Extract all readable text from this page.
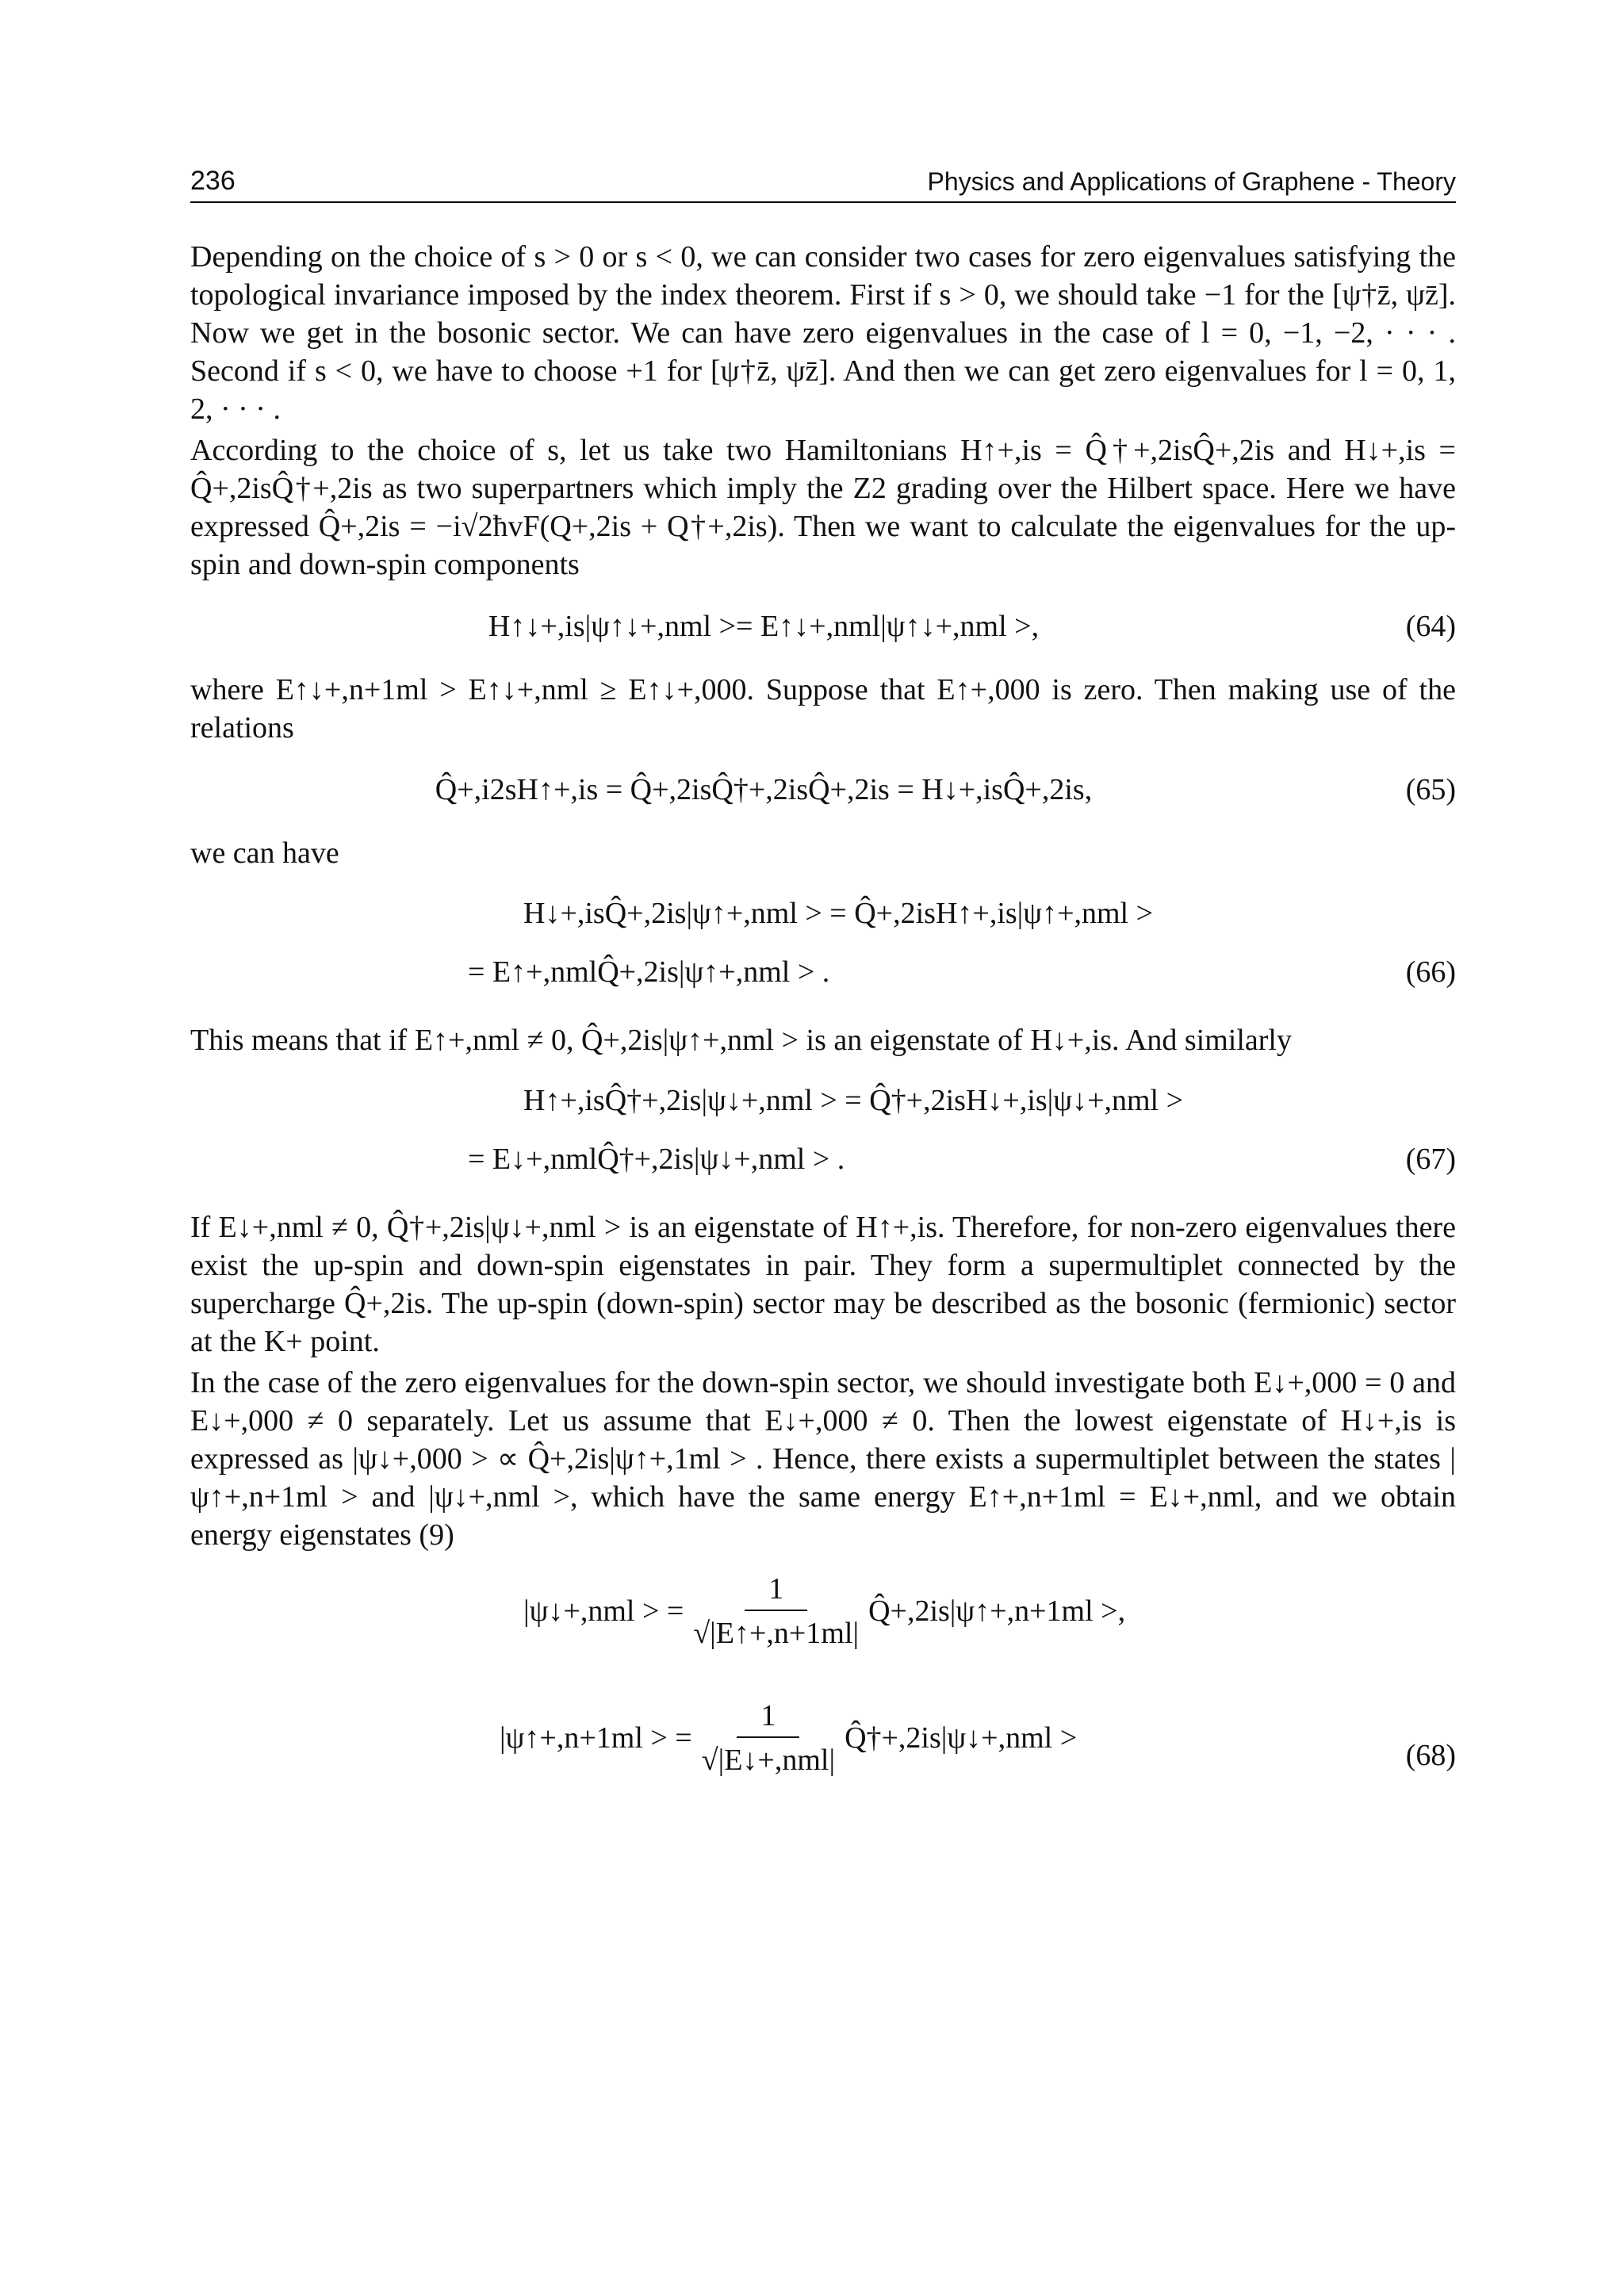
236	Physics and Applications of Graphene - Theory

Depending on the choice of s > 0 or s < 0, we can consider two cases for zero eigenvalues satisfying the topological invariance imposed by the index theorem. First if s > 0, we should take −1 for the [ψ†z̄, ψz̄]. Now we get in the bosonic sector. We can have zero eigenvalues in the case of l = 0, −1, −2, · · · . Second if s < 0, we have to choose +1 for [ψ†z̄, ψz̄]. And then we can get zero eigenvalues for l = 0, 1, 2, · · · .

According to the choice of s, let us take two Hamiltonians H↑+,is = Q̂†+,2isQ̂+,2is and H↓+,is = Q̂+,2isQ̂†+,2is as two superpartners which imply the Z2 grading over the Hilbert space. Here we have expressed Q̂+,2is = −i√2ħvF(Q+,2is + Q†+,2is). Then we want to calculate the eigenvalues for the up-spin and down-spin components

H↑↓+,is|ψ↑↓+,nml >= E↑↓+,nml|ψ↑↓+,nml >,	(64)

where E↑↓+,n+1ml > E↑↓+,nml ≥ E↑↓+,000. Suppose that E↑+,000 is zero. Then making use of the relations

Q̂+,i2sH↑+,is = Q̂+,2isQ̂†+,2isQ̂+,2is = H↓+,isQ̂+,2is,	(65)

we can have

H↓+,isQ̂+,2is|ψ↑+,nml > = Q̂+,2isH↑+,is|ψ↑+,nml >
= E↑+,nmlQ̂+,2is|ψ↑+,nml > .	(66)

This means that if E↑+,nml ≠ 0, Q̂+,2is|ψ↑+,nml > is an eigenstate of H↓+,is. And similarly

H↑+,isQ̂†+,2is|ψ↓+,nml > = Q̂†+,2isH↓+,is|ψ↓+,nml >
= E↓+,nmlQ̂†+,2is|ψ↓+,nml > .	(67)

If E↓+,nml ≠ 0, Q̂†+,2is|ψ↓+,nml > is an eigenstate of H↑+,is. Therefore, for non-zero eigenvalues there exist the up-spin and down-spin eigenstates in pair. They form a supermultiplet connected by the supercharge Q̂+,2is. The up-spin (down-spin) sector may be described as the bosonic (fermionic) sector at the K+ point.

In the case of the zero eigenvalues for the down-spin sector, we should investigate both E↓+,000 = 0 and E↓+,000 ≠ 0 separately. Let us assume that E↓+,000 ≠ 0. Then the lowest eigenstate of H↓+,is is expressed as |ψ↓+,000 > ∝ Q̂+,2is|ψ↑+,1ml > . Hence, there exists a supermultiplet between the states |ψ↑+,n+1ml > and |ψ↓+,nml >, which have the same energy E↑+,n+1ml = E↓+,nml, and we obtain energy eigenstates (9)

|ψ↓+,nml > = $\frac{1}{√|E↑+,n+1ml|}$ Q̂+,2is|ψ↑+,n+1ml >,
|ψ↑+,n+1ml > = $\frac{1}{\text{√|E↓+,nml|}}$ Q̂†+,2is|ψ↓+,nml >
(68)
